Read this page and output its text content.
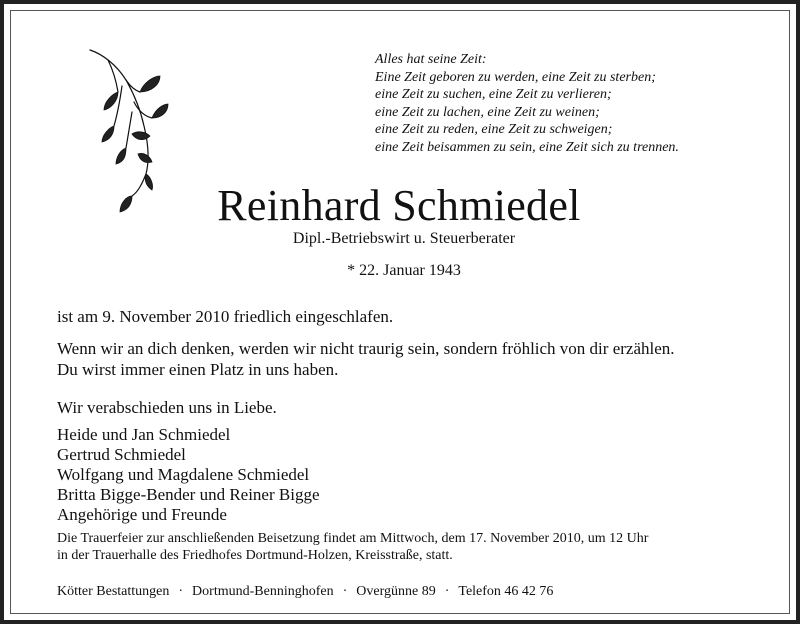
Alles hat seine Zeit:
Eine Zeit geboren zu werden, eine Zeit zu sterben;
eine Zeit zu suchen, eine Zeit zu verlieren;
eine Zeit zu lachen, eine Zeit zu weinen;
eine Zeit zu reden, eine Zeit zu schweigen;
eine Zeit beisammen zu sein, eine Zeit sich zu trennen.
Reinhard Schmiedel
Dipl.-Betriebswirt u. Steuerberater
* 22. Januar 1943
ist am 9. November 2010 friedlich eingeschlafen.
Wenn wir an dich denken, werden wir nicht traurig sein, sondern fröhlich von dir erzählen.
Du wirst immer einen Platz in uns haben.
Wir verabschieden uns in Liebe.
Heide und Jan Schmiedel
Gertrud Schmiedel
Wolfgang und Magdalene Schmiedel
Britta Bigge-Bender und Reiner Bigge
Angehörige und Freunde
Die Trauerfeier zur anschließenden Beisetzung findet am Mittwoch, dem 17. November 2010, um 12 Uhr
in der Trauerhalle des Friedhofes Dortmund-Holzen, Kreisstraße, statt.
Kötter Bestattungen · Dortmund-Benninghofen · Overgünne 89 · Telefon 46 42 76
